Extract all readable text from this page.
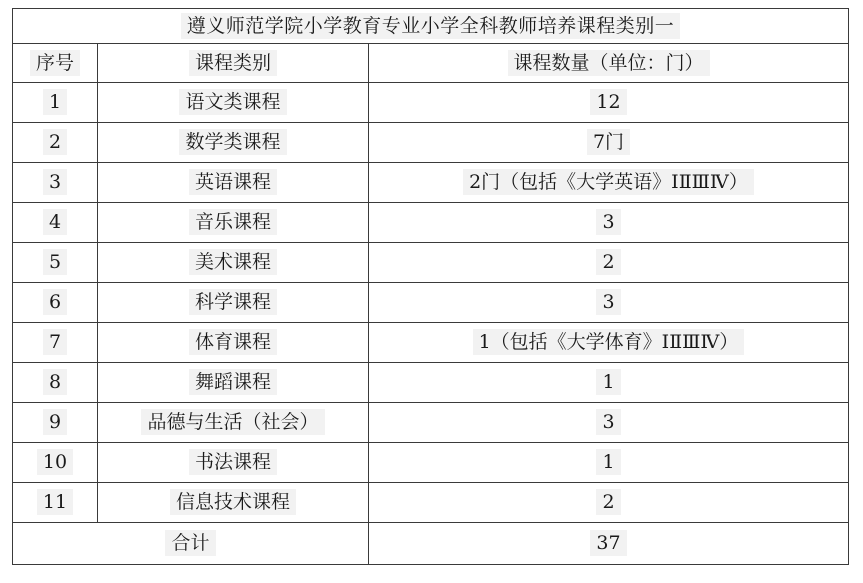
遵义师范学院小学教育专业小学全科教师培养课程类别一		
序号	课程类别	课程数量（单位：门）
1	语文类课程	12
2	数学类课程	7门
3	英语课程	2门（包括《大学英语》ⅠⅡⅢⅣ）
4	音乐课程	3
5	美术课程	2
6	科学课程	3
7	体育课程	1（包括《大学体育》ⅠⅡⅢⅣ）
8	舞蹈课程	1
9	品德与生活（社会）	3
10	书法课程	1
11	信息技术课程	2
合计		37
